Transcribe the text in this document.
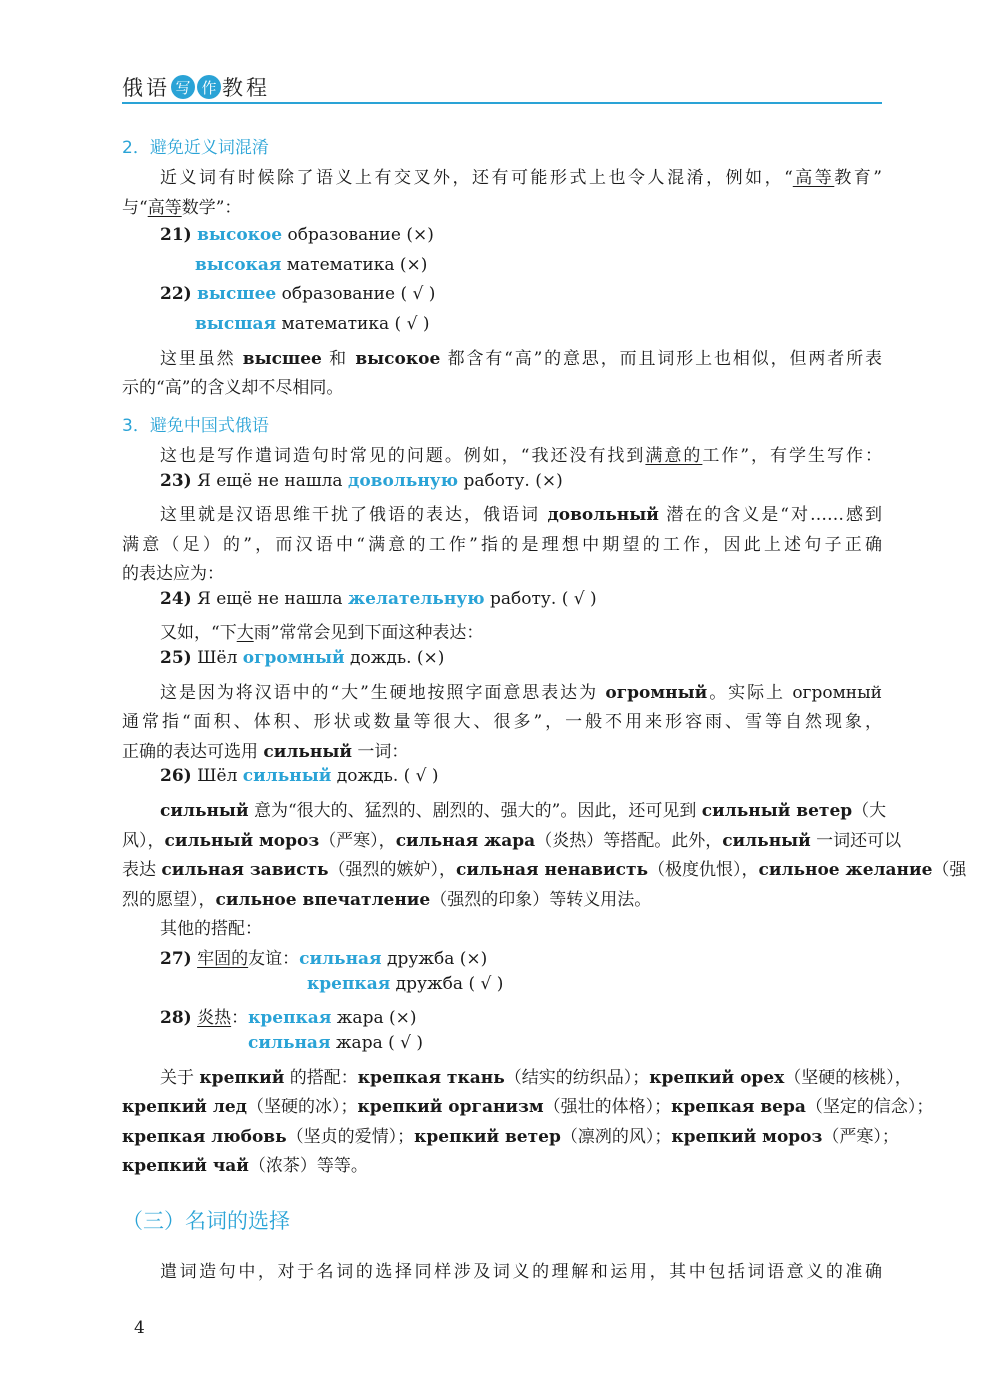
俄语 写 作 教程
2．避免近义词混淆
近义词有时候除了语义上有交叉外，还有可能形式上也令人混淆，例如，“高等教育”
与“高等数学”：
21) высокое образование (×)
высокая математика (×)
22) высшее образование ( √ )
высшая математика ( √ )
这里虽然 высшее 和 высокое 都含有“高”的意思，而且词形上也相似，但两者所表
示的“高”的含义却不尽相同。
3．避免中国式俄语
这也是写作遣词造句时常见的问题。例如，“我还没有找到满意的工作”，有学生写作：
23) Я ещё не нашла довольную работу. (×)
这里就是汉语思维干扰了俄语的表达，俄语词 довольный 潜在的含义是“对……感到
满意（足）的”，而汉语中“满意的工作”指的是理想中期望的工作，因此上述句子正确
的表达应为：
24) Я ещё не нашла желательную работу. ( √ )
又如，“下大雨”常常会见到下面这种表达：
25) Шёл огромный дождь. (×)
这是因为将汉语中的“大”生硬地按照字面意思表达为 огромный。实际上 огромный
通常指“面积、体积、形状或数量等很大、很多”，一般不用来形容雨、雪等自然现象，
正确的表达可选用 сильный 一词：
26) Шёл сильный дождь. ( √ )
сильный 意为“很大的、猛烈的、剧烈的、强大的”。因此，还可见到 сильный ветер（大
风），сильный мороз（严寒），сильная жара（炎热）等搭配。此外，сильный 一词还可以
表达 сильная зависть（强烈的嫉妒），сильная ненависть（极度仇恨），сильное желание（强
烈的愿望），сильное впечатление（强烈的印象）等转义用法。
其他的搭配：
27) 牢固的友谊：сильная дружба (×)
крепкая дружба ( √ )
28) 炎热：крепкая жара (×)
сильная жара ( √ )
关于 крепкий 的搭配：крепкая ткань（结实的纺织品）；крепкий орех（坚硬的核桃），
крепкий лед（坚硬的冰）；крепкий организм（强壮的体格）；крепкая вера（坚定的信念）；
крепкая любовь（坚贞的爱情）；крепкий ветер（凛冽的风）；крепкий мороз（严寒）；
крепкий чай（浓茶）等等。
（三）名词的选择
遣词造句中，对于名词的选择同样涉及词义的理解和运用，其中包括词语意义的准确
4
